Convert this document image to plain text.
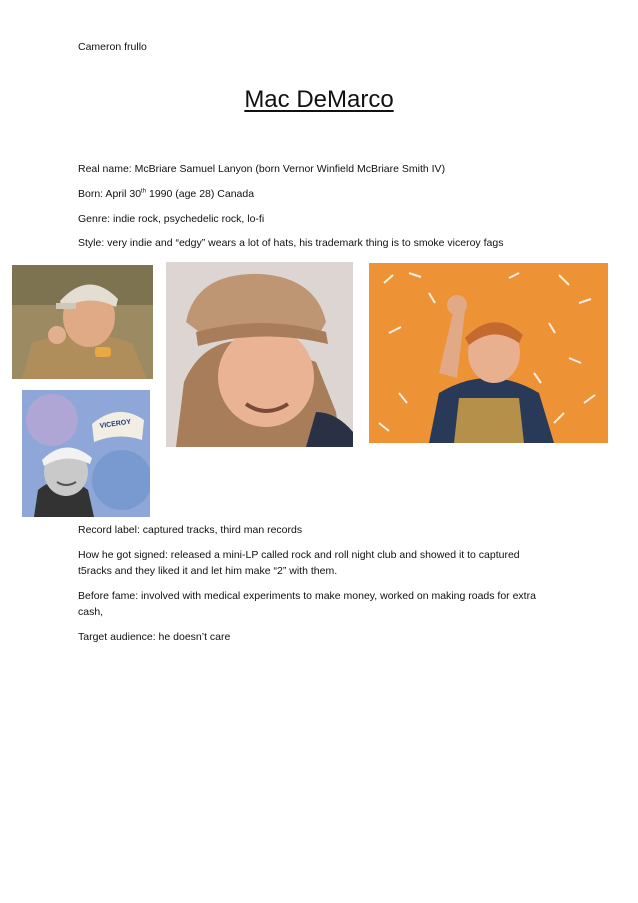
Cameron frullo
Mac DeMarco
Real name: McBriare Samuel Lanyon (born Vernor Winfield McBriare Smith IV)
Born: April 30th 1990 (age 28) Canada
Genre: indie rock, psychedelic rock, lo-fi
Style: very indie and “edgy” wears a lot of hats, his trademark thing is to smoke viceroy fags
VICEROY
Record label: captured tracks, third man records
How he got signed: released a mini-LP called rock and roll night club and showed it to captured
t5racks and they liked it and let him make “2” with them.
Before fame: involved with medical experiments to make money, worked on making roads for extra
cash,
Target audience: he doesn’t care
